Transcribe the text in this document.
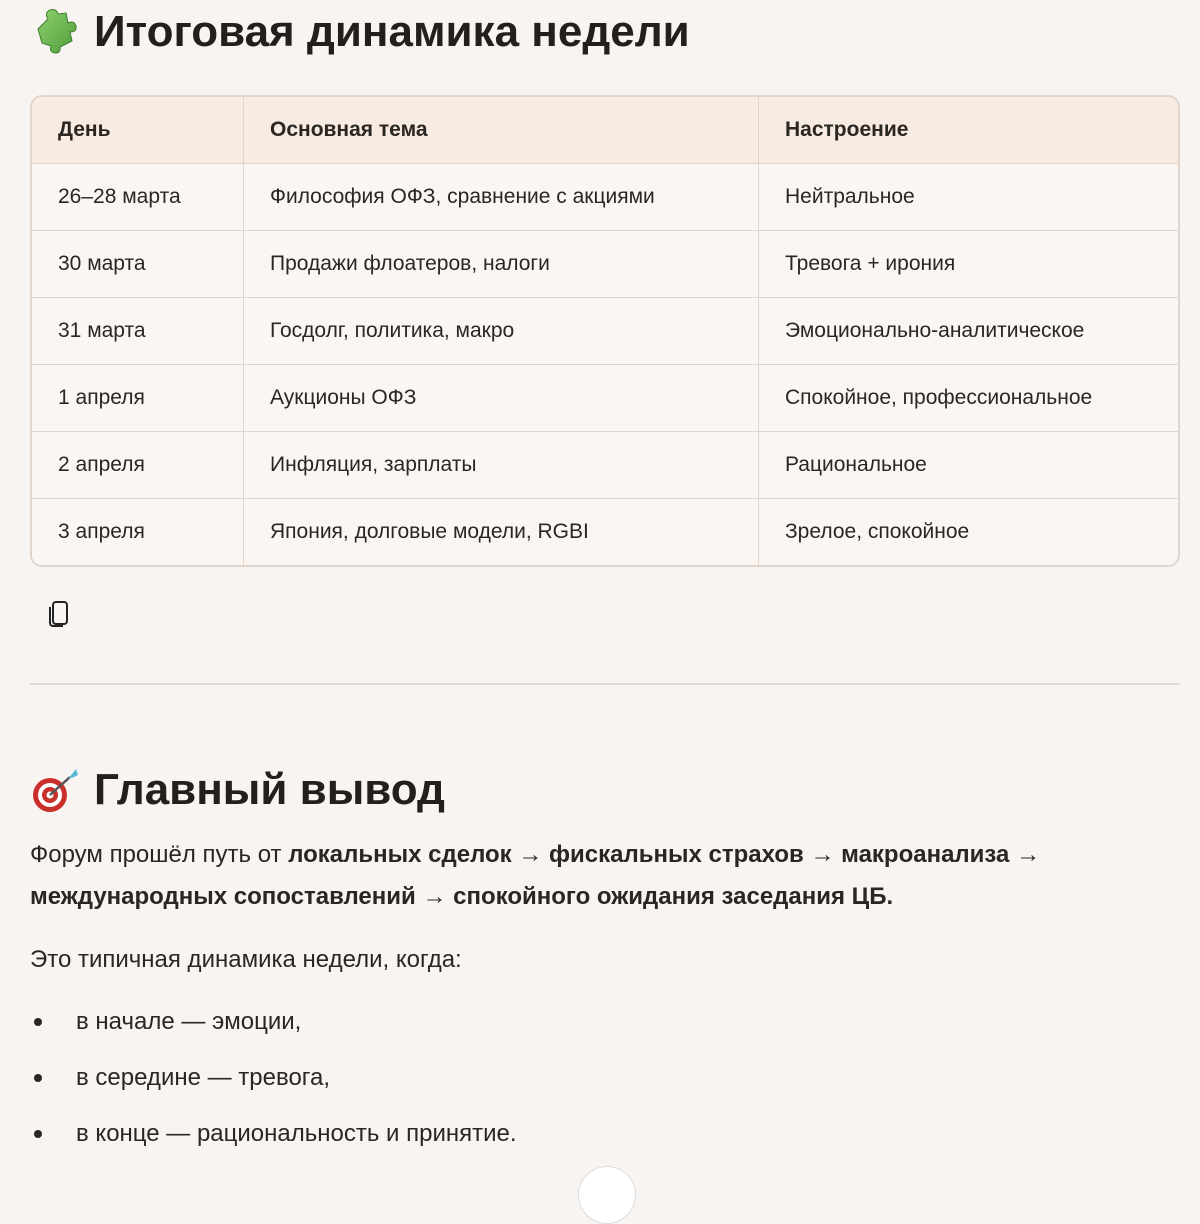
Итоговая динамика недели
День	Основная тема	Настроение
26–28 марта	Философия ОФЗ, сравнение с акциями	Нейтральное
30 марта	Продажи флоатеров, налоги	Тревога + ирония
31 марта	Госдолг, политика, макро	Эмоционально-аналитическое
1 апреля	Аукционы ОФЗ	Спокойное, профессиональное
2 апреля	Инфляция, зарплаты	Рациональное
3 апреля	Япония, долговые модели, RGBI	Зрелое, спокойное
Главный вывод
Форум прошёл путь от локальных сделок → фискальных страхов → макроанализа → международных сопоставлений → спокойного ожидания заседания ЦБ.
Это типичная динамика недели, когда:
в начале — эмоции,
в середине — тревога,
в конце — рациональность и принятие.
